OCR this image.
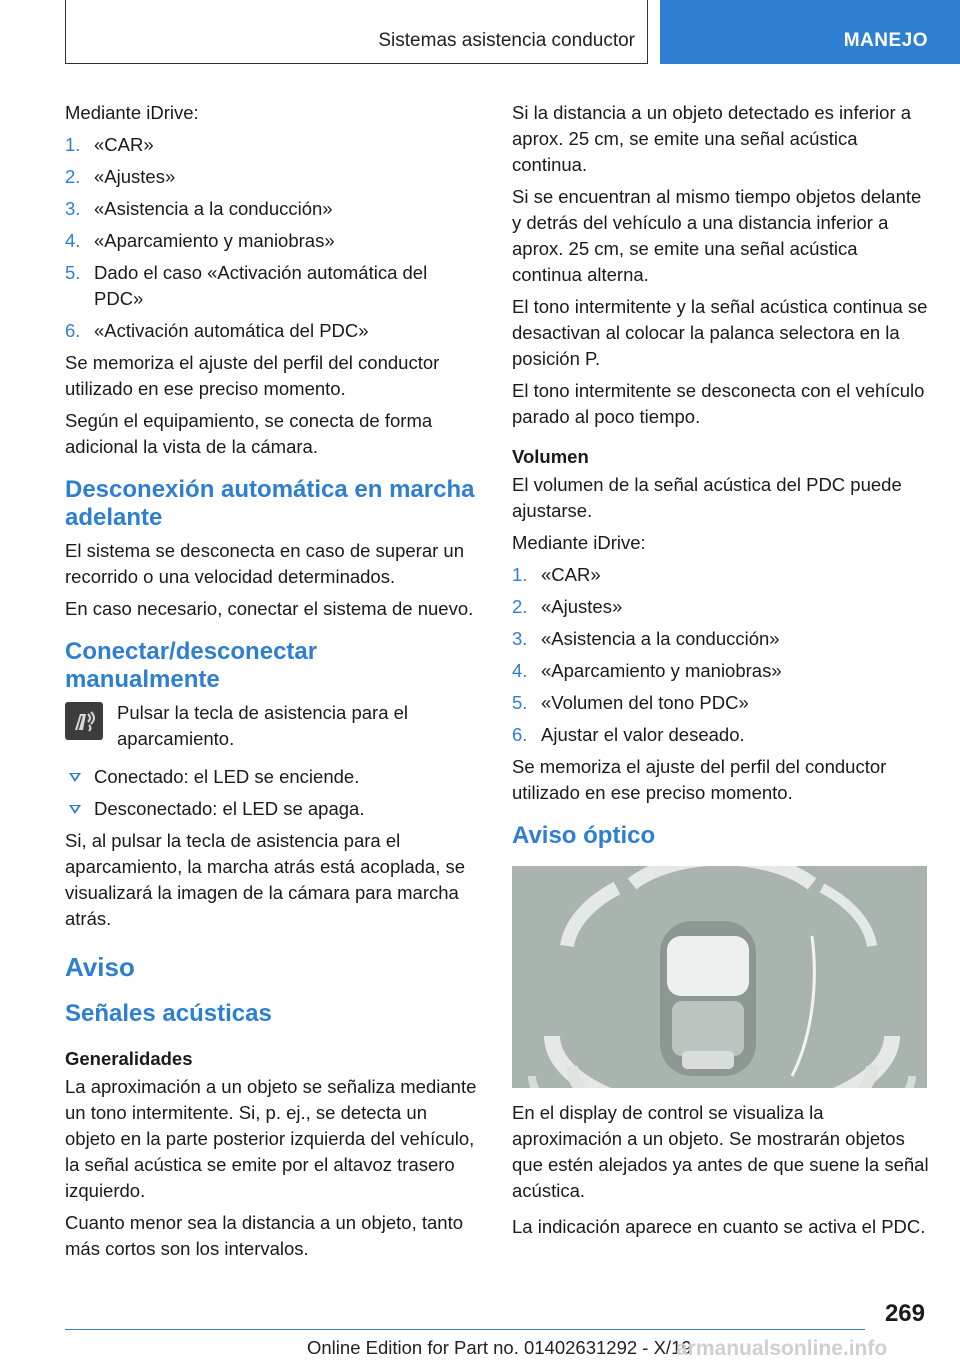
Sistemas asistencia conductor	MANEJO

Mediante iDrive:

1. «CAR»
2. «Ajustes»
3. «Asistencia a la conducción»
4. «Aparcamiento y maniobras»
5. Dado el caso «Activación automática del PDC»
6. «Activación automática del PDC»

Se memoriza el ajuste del perfil del conductor utilizado en ese preciso momento.

Según el equipamiento, se conecta de forma adicional la vista de la cámara.

Desconexión automática en marcha adelante

El sistema se desconecta en caso de superar un recorrido o una velocidad determinados.

En caso necesario, conectar el sistema de nuevo.

Conectar/desconectar manualmente
Pulsar la tecla de asistencia para el aparcamiento.
Conectado: el LED se enciende.
Desconectado: el LED se apaga.

Si, al pulsar la tecla de asistencia para el aparcamiento, la marcha atrás está acoplada, se visualizará la imagen de la cámara para marcha atrás.

Aviso
Señales acústicas
Generalidades

La aproximación a un objeto se señaliza mediante un tono intermitente. Si, p. ej., se detecta un objeto en la parte posterior izquierda del vehículo, la señal acústica se emite por el altavoz trasero izquierdo.

Cuanto menor sea la distancia a un objeto, tanto más cortos son los intervalos.

Si la distancia a un objeto detectado es inferior a aprox. 25 cm, se emite una señal acústica continua.

Si se encuentran al mismo tiempo objetos delante y detrás del vehículo a una distancia inferior a aprox. 25 cm, se emite una señal acústica continua alterna.

El tono intermitente y la señal acústica continua se desactivan al colocar la palanca selectora en la posición P.

El tono intermitente se desconecta con el vehículo parado al poco tiempo.

Volumen

El volumen de la señal acústica del PDC puede ajustarse.

Mediante iDrive:

1. «CAR»
2. «Ajustes»
3. «Asistencia a la conducción»
4. «Aparcamiento y maniobras»
5. «Volumen del tono PDC»
6. Ajustar el valor deseado.

Se memoriza el ajuste del perfil del conductor utilizado en ese preciso momento.

Aviso óptico

En el display de control se visualiza la aproximación a un objeto. Se mostrarán objetos que estén alejados ya antes de que suene la señal acústica.

La indicación aparece en cuanto se activa el PDC.

269
Online Edition for Part no. 01402631292 - X/19
armanualsonline.info
